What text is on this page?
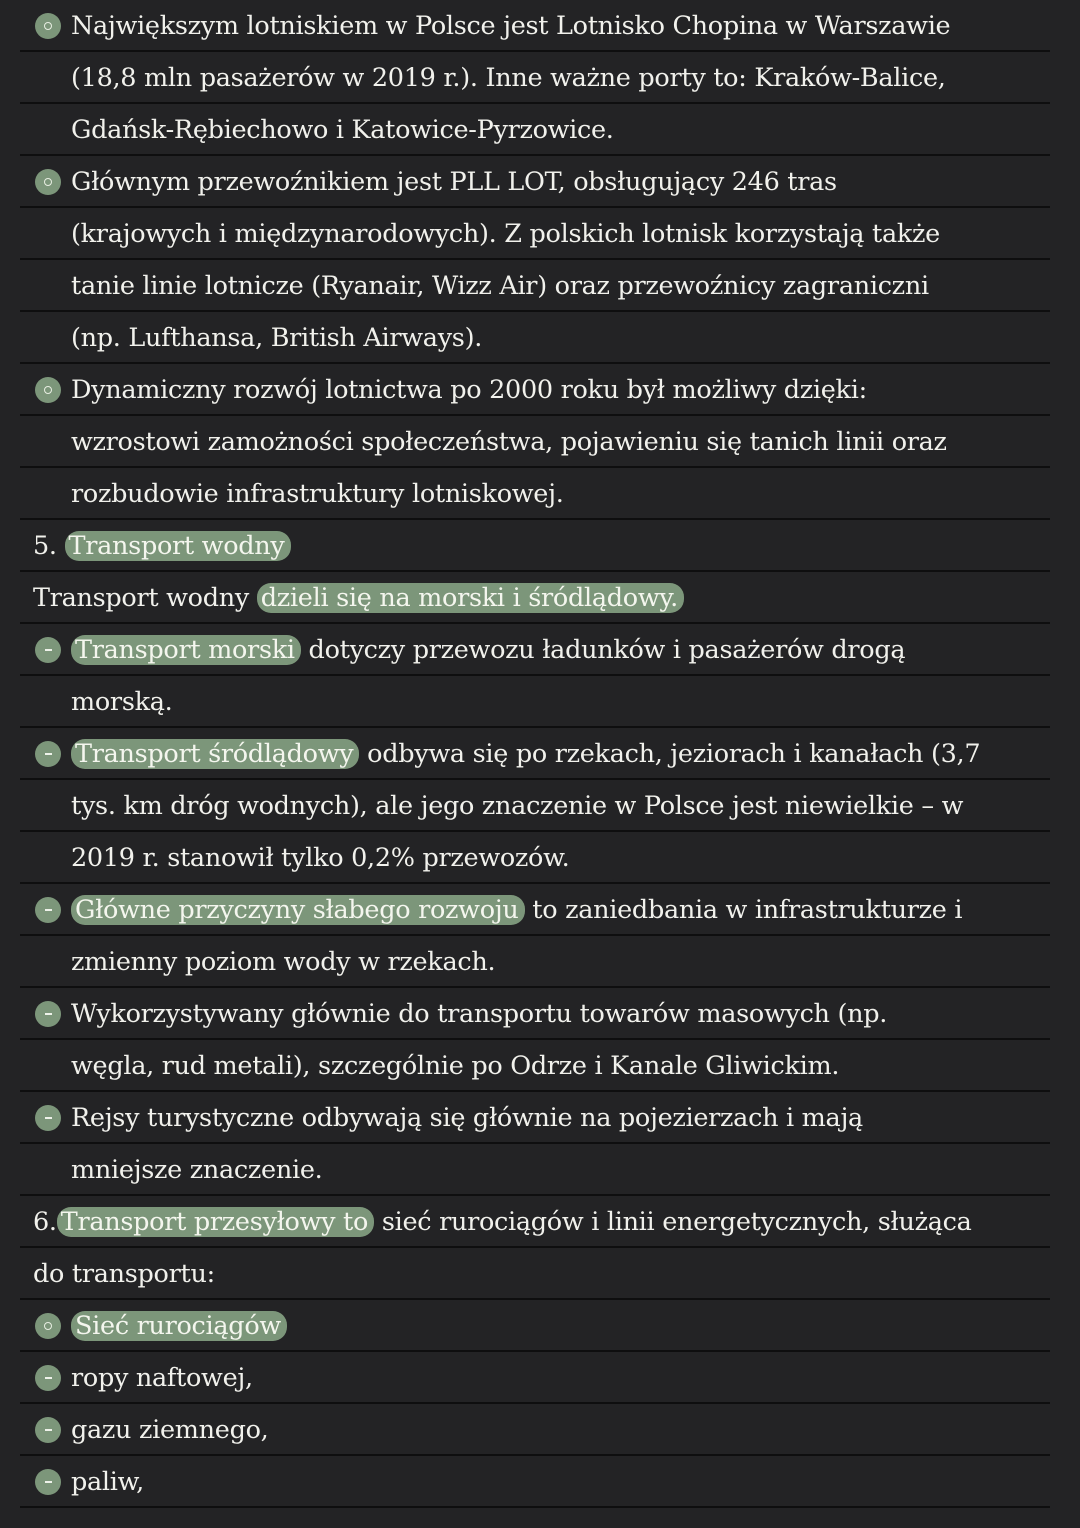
Największym lotniskiem w Polsce jest Lotnisko Chopina w Warszawie
(18,8 mln pasażerów w 2019 r.). Inne ważne porty to: Kraków-Balice,
Gdańsk-Rębiechowo i Katowice-Pyrzowice.
Głównym przewoźnikiem jest PLL LOT, obsługujący 246 tras
(krajowych i międzynarodowych). Z polskich lotnisk korzystają także
tanie linie lotnicze (Ryanair, Wizz Air) oraz przewoźnicy zagraniczni
(np. Lufthansa, British Airways).
Dynamiczny rozwój lotnictwa po 2000 roku był możliwy dzięki:
wzrostowi zamożności społeczeństwa, pojawieniu się tanich linii oraz
rozbudowie infrastruktury lotniskowej.
5. Transport wodny
Transport wodny dzieli się na morski i śródlądowy.
Transport morski dotyczy przewozu ładunków i pasażerów drogą
morską.
Transport śródlądowy odbywa się po rzekach, jeziorach i kanałach (3,7
tys. km dróg wodnych), ale jego znaczenie w Polsce jest niewielkie – w
2019 r. stanowił tylko 0,2% przewozów.
Główne przyczyny słabego rozwoju to zaniedbania w infrastrukturze i
zmienny poziom wody w rzekach.
Wykorzystywany głównie do transportu towarów masowych (np.
węgla, rud metali), szczególnie po Odrze i Kanale Gliwickim.
Rejsy turystyczne odbywają się głównie na pojezierzach i mają
mniejsze znaczenie.
6. Transport przesyłowy to sieć rurociągów i linii energetycznych, służąca
do transportu:
Sieć rurociągów
ropy naftowej,
gazu ziemnego,
paliw,
